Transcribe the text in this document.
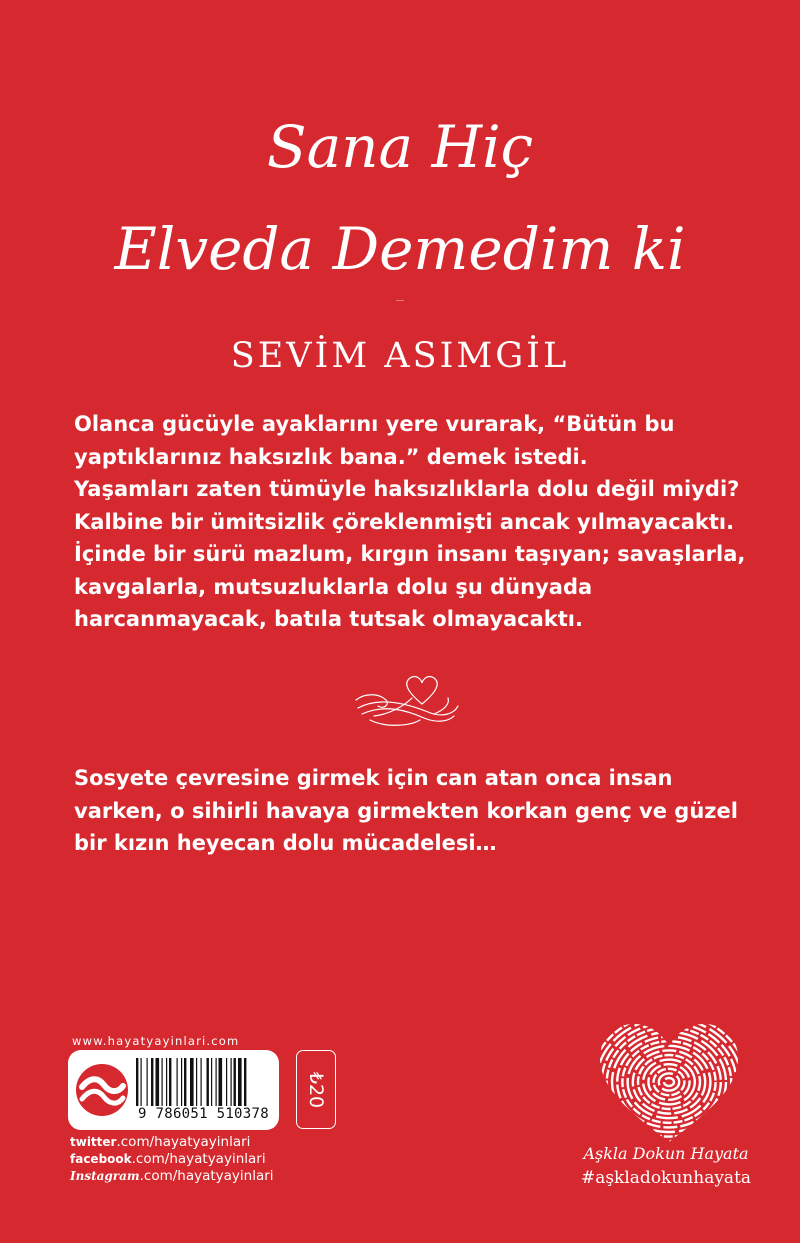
Sana Hiç
Elveda Demedim ki
SEVİM ASIMGİL
Olanca gücüyle ayaklarını yere vurarak, “Bütün bu
yaptıklarınız haksızlık bana.” demek istedi.
Yaşamları zaten tümüyle haksızlıklarla dolu değil miydi?
Kalbine bir ümitsizlik çöreklenmişti ancak yılmayacaktı.
İçinde bir sürü mazlum, kırgın insanı taşıyan; savaşlarla,
kavgalarla, mutsuzluklarla dolu şu dünyada
harcanmayacak, batıla tutsak olmayacaktı.
Sosyete çevresine girmek için can atan onca insan
varken, o sihirli havaya girmekten korkan genç ve güzel
bir kızın heyecan dolu mücadelesi…
www.hayatyayinlari.com
9 786051 510378
₺20
twitter.com/hayatyayinlari
facebook.com/hayatyayinlari
Instagram.com/hayatyayinlari
Aşkla Dokun Hayata
#aşkladokunhayata
